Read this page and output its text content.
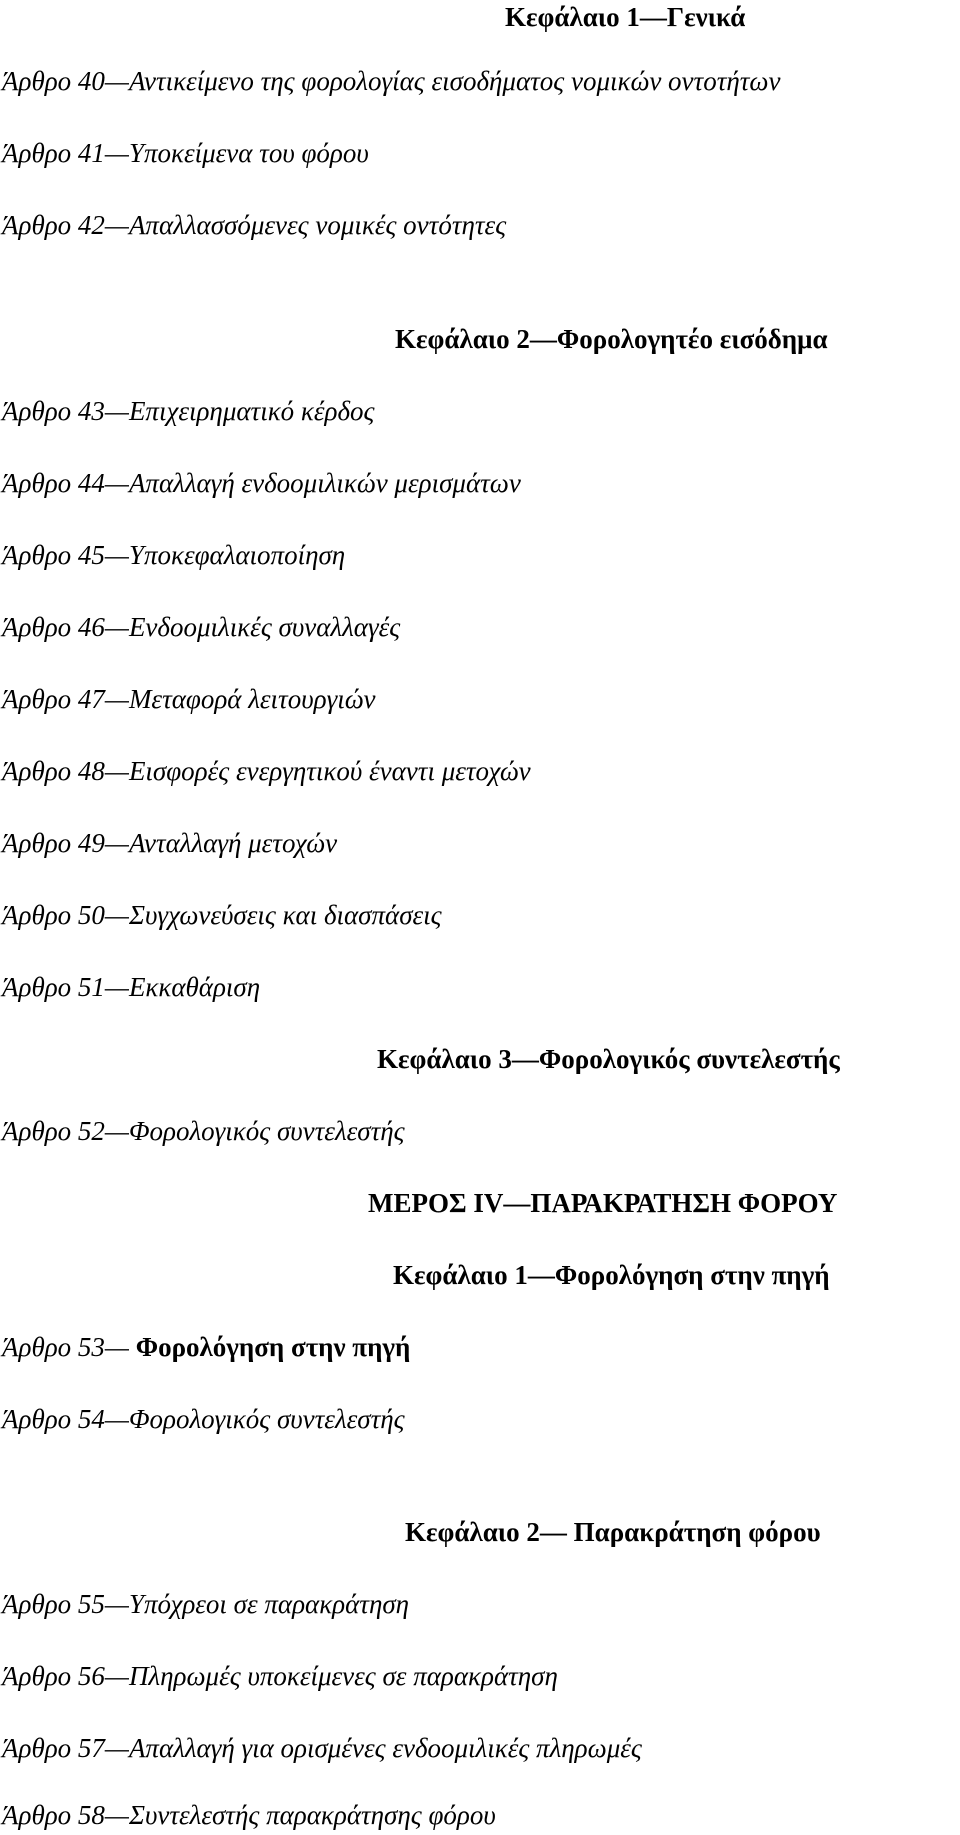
Κεφάλαιο 1—Γενικά
Άρθρο 40—Αντικείμενο της φορολογίας εισοδήματος νομικών οντοτήτων
Άρθρο 41—Υποκείμενα του φόρου
Άρθρο 42—Απαλλασσόμενες νομικές οντότητες
Κεφάλαιο 2—Φορολογητέο εισόδημα
Άρθρο 43—Επιχειρηματικό κέρδος
Άρθρο 44—Απαλλαγή ενδοομιλικών μερισμάτων
Άρθρο 45—Υποκεφαλαιοποίηση
Άρθρο 46—Ενδοομιλικές συναλλαγές
Άρθρο 47—Μεταφορά λειτουργιών
Άρθρο 48—Εισφορές ενεργητικού έναντι μετοχών
Άρθρο 49—Ανταλλαγή μετοχών
Άρθρο 50—Συγχωνεύσεις και διασπάσεις
Άρθρο 51—Εκκαθάριση
Κεφάλαιο 3—Φορολογικός συντελεστής
Άρθρο 52—Φορολογικός συντελεστής
ΜΕΡΟΣ IV—ΠΑΡΑΚΡΑΤΗΣΗ ΦΟΡΟΥ
Κεφάλαιο 1—Φορολόγηση στην πηγή
Άρθρο 53— Φορολόγηση στην πηγή
Άρθρο 54—Φορολογικός συντελεστής
Κεφάλαιο 2— Παρακράτηση φόρου
Άρθρο 55—Υπόχρεοι σε παρακράτηση
Άρθρο 56—Πληρωμές υποκείμενες σε παρακράτηση
Άρθρο 57—Απαλλαγή για ορισμένες ενδοομιλικές πληρωμές
Άρθρο 58—Συντελεστής παρακράτησης φόρου
